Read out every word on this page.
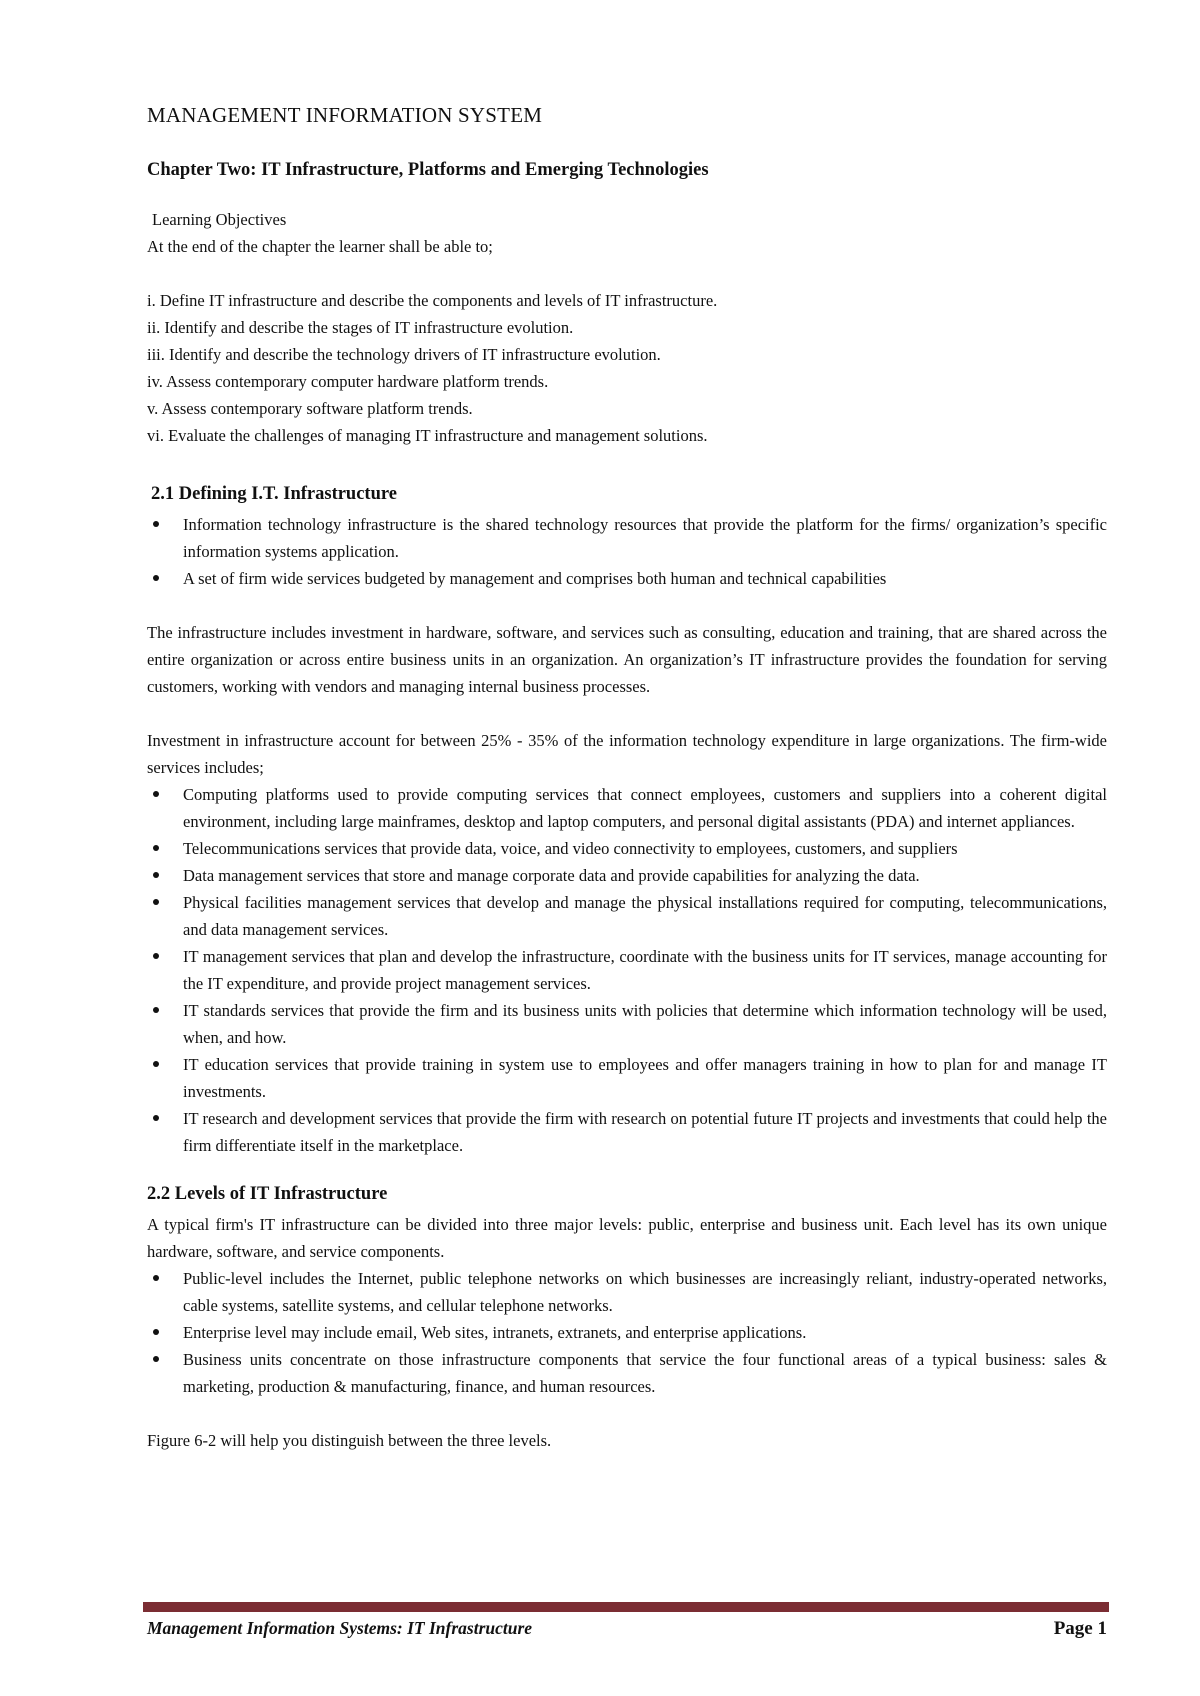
MANAGEMENT INFORMATION SYSTEM
Chapter Two: IT Infrastructure, Platforms and Emerging Technologies
Learning Objectives
At the end of the chapter the learner shall be able to;
i. Define IT infrastructure and describe the components and levels of IT infrastructure.
ii. Identify and describe the stages of IT infrastructure evolution.
iii. Identify and describe the technology drivers of IT infrastructure evolution.
iv. Assess contemporary computer hardware platform trends.
v. Assess contemporary software platform trends.
vi. Evaluate the challenges of managing IT infrastructure and management solutions.
2.1 Defining I.T. Infrastructure
Information technology infrastructure is the shared technology resources that provide the platform for the firms/ organization’s specific information systems application.
A set of firm wide services budgeted by management and comprises both human and technical capabilities

The infrastructure includes investment in hardware, software, and services such as consulting, education and training, that are shared across the entire organization or across entire business units in an organization. An organization’s IT infrastructure provides the foundation for serving customers, working with vendors and managing internal business processes.

Investment in infrastructure account for between 25% - 35% of the information technology expenditure in large organizations. The firm-wide services includes;

Computing platforms used to provide computing services that connect employees, customers and suppliers into a coherent digital environment, including large mainframes, desktop and laptop computers, and personal digital assistants (PDA) and internet appliances.
Telecommunications services that provide data, voice, and video connectivity to employees, customers, and suppliers
Data management services that store and manage corporate data and provide capabilities for analyzing the data.
Physical facilities management services that develop and manage the physical installations required for computing, telecommunications, and data management services.
IT management services that plan and develop the infrastructure, coordinate with the business units for IT services, manage accounting for the IT expenditure, and provide project management services.
IT standards services that provide the firm and its business units with policies that determine which information technology will be used, when, and how.
IT education services that provide training in system use to employees and offer managers training in how to plan for and manage IT investments.
IT research and development services that provide the firm with research on potential future IT projects and investments that could help the firm differentiate itself in the marketplace.
2.2 Levels of IT Infrastructure

A typical firm's IT infrastructure can be divided into three major levels: public, enterprise and business unit. Each level has its own unique hardware, software, and service components.

Public-level includes the Internet, public telephone networks on which businesses are increasingly reliant, industry-operated networks, cable systems, satellite systems, and cellular telephone networks.
Enterprise level may include email, Web sites, intranets, extranets, and enterprise applications.
Business units concentrate on those infrastructure components that service the four functional areas of a typical business: sales & marketing, production & manufacturing, finance, and human resources.

Figure 6-2 will help you distinguish between the three levels.

Management Information Systems: IT Infrastructure	Page 1
